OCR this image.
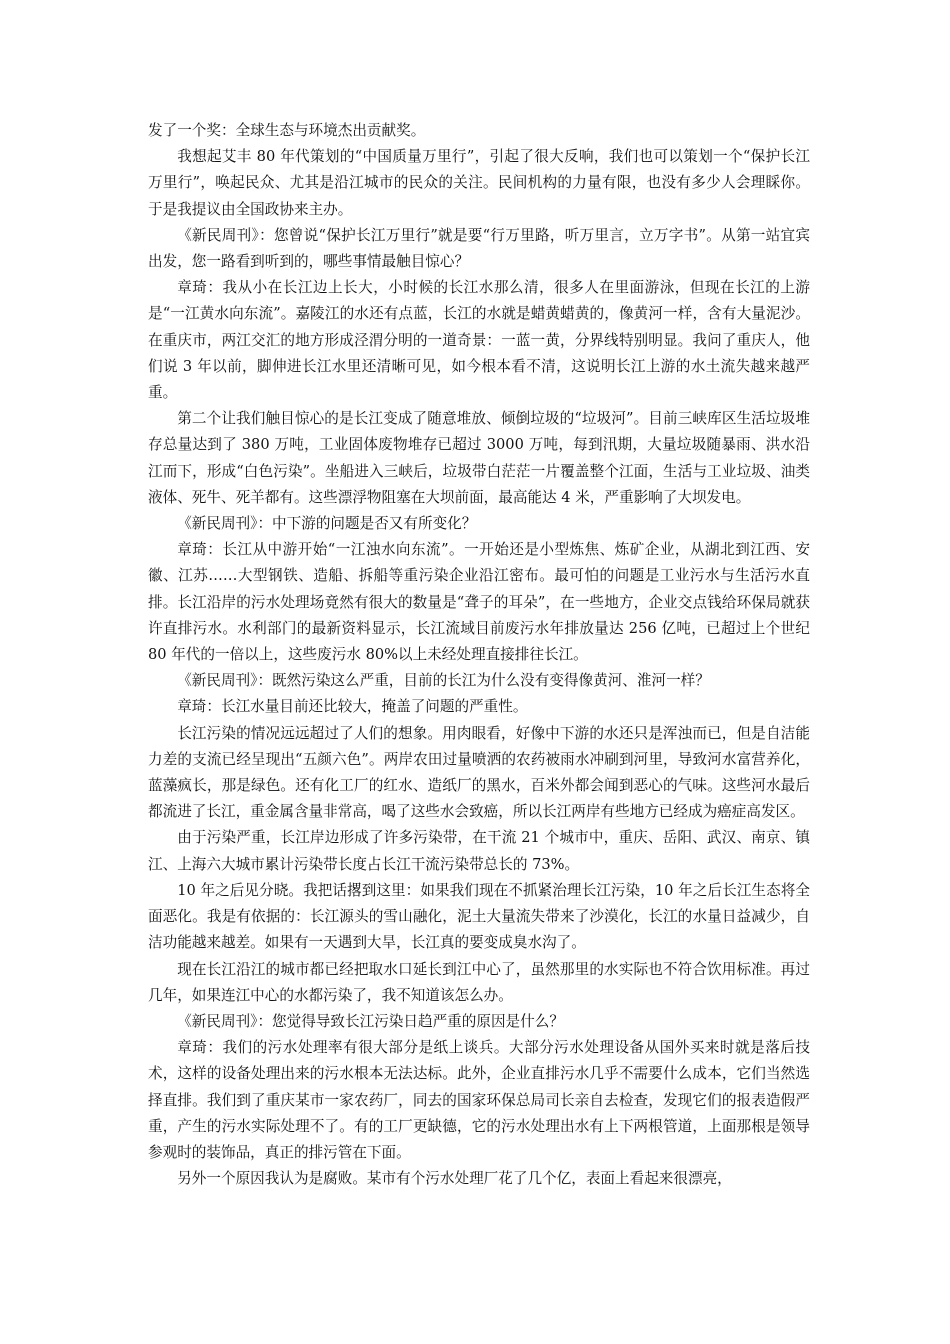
发了一个奖：全球生态与环境杰出贡献奖。

我想起艾丰 80 年代策划的“中国质量万里行”，引起了很大反响，我们也可以策划一个“保护长江万里行”，唤起民众、尤其是沿江城市的民众的关注。民间机构的力量有限，也没有多少人会理睬你。于是我提议由全国政协来主办。

《新民周刊》：您曾说“保护长江万里行”就是要“行万里路，听万里言，立万字书”。从第一站宜宾出发，您一路看到听到的，哪些事情最触目惊心？

章琦：我从小在长江边上长大，小时候的长江水那么清，很多人在里面游泳，但现在长江的上游是“一江黄水向东流”。嘉陵江的水还有点蓝，长江的水就是蜡黄蜡黄的，像黄河一样，含有大量泥沙。在重庆市，两江交汇的地方形成泾渭分明的一道奇景：一蓝一黄，分界线特别明显。我问了重庆人，他们说 3 年以前，脚伸进长江水里还清晰可见，如今根本看不清，这说明长江上游的水土流失越来越严重。

第二个让我们触目惊心的是长江变成了随意堆放、倾倒垃圾的“垃圾河”。目前三峡库区生活垃圾堆存总量达到了 380 万吨，工业固体废物堆存已超过 3000 万吨，每到汛期，大量垃圾随暴雨、洪水沿江而下，形成“白色污染”。坐船进入三峡后，垃圾带白茫茫一片覆盖整个江面，生活与工业垃圾、油类液体、死牛、死羊都有。这些漂浮物阻塞在大坝前面，最高能达 4 米，严重影响了大坝发电。

《新民周刊》：中下游的问题是否又有所变化？

章琦：长江从中游开始“一江浊水向东流”。一开始还是小型炼焦、炼矿企业，从湖北到江西、安徽、江苏……大型钢铁、造船、拆船等重污染企业沿江密布。最可怕的问题是工业污水与生活污水直排。长江沿岸的污水处理场竟然有很大的数量是“聋子的耳朵”，在一些地方，企业交点钱给环保局就获许直排污水。水利部门的最新资料显示，长江流域目前废污水年排放量达 256 亿吨，已超过上个世纪 80 年代的一倍以上，这些废污水 80%以上未经处理直接排往长江。

《新民周刊》：既然污染这么严重，目前的长江为什么没有变得像黄河、淮河一样？

章琦：长江水量目前还比较大，掩盖了问题的严重性。

长江污染的情况远远超过了人们的想象。用肉眼看，好像中下游的水还只是浑浊而已，但是自洁能力差的支流已经呈现出“五颜六色”。两岸农田过量喷洒的农药被雨水冲刷到河里，导致河水富营养化，蓝藻疯长，那是绿色。还有化工厂的红水、造纸厂的黑水，百米外都会闻到恶心的气味。这些河水最后都流进了长江，重金属含量非常高，喝了这些水会致癌，所以长江两岸有些地方已经成为癌症高发区。

由于污染严重，长江岸边形成了许多污染带，在干流 21 个城市中，重庆、岳阳、武汉、南京、镇江、上海六大城市累计污染带长度占长江干流污染带总长的 73%。

10 年之后见分晓。我把话撂到这里：如果我们现在不抓紧治理长江污染，10 年之后长江生态将全面恶化。我是有依据的：长江源头的雪山融化，泥土大量流失带来了沙漠化，长江的水量日益减少，自洁功能越来越差。如果有一天遇到大旱，长江真的要变成臭水沟了。

现在长江沿江的城市都已经把取水口延长到江中心了，虽然那里的水实际也不符合饮用标准。再过几年，如果连江中心的水都污染了，我不知道该怎么办。

《新民周刊》：您觉得导致长江污染日趋严重的原因是什么？

章琦：我们的污水处理率有很大部分是纸上谈兵。大部分污水处理设备从国外买来时就是落后技术，这样的设备处理出来的污水根本无法达标。此外，企业直排污水几乎不需要什么成本，它们当然选择直排。我们到了重庆某市一家农药厂，同去的国家环保总局司长亲自去检查，发现它们的报表造假严重，产生的污水实际处理不了。有的工厂更缺德，它的污水处理出水有上下两根管道，上面那根是领导参观时的装饰品，真正的排污管在下面。

另外一个原因我认为是腐败。某市有个污水处理厂花了几个亿，表面上看起来很漂亮，
